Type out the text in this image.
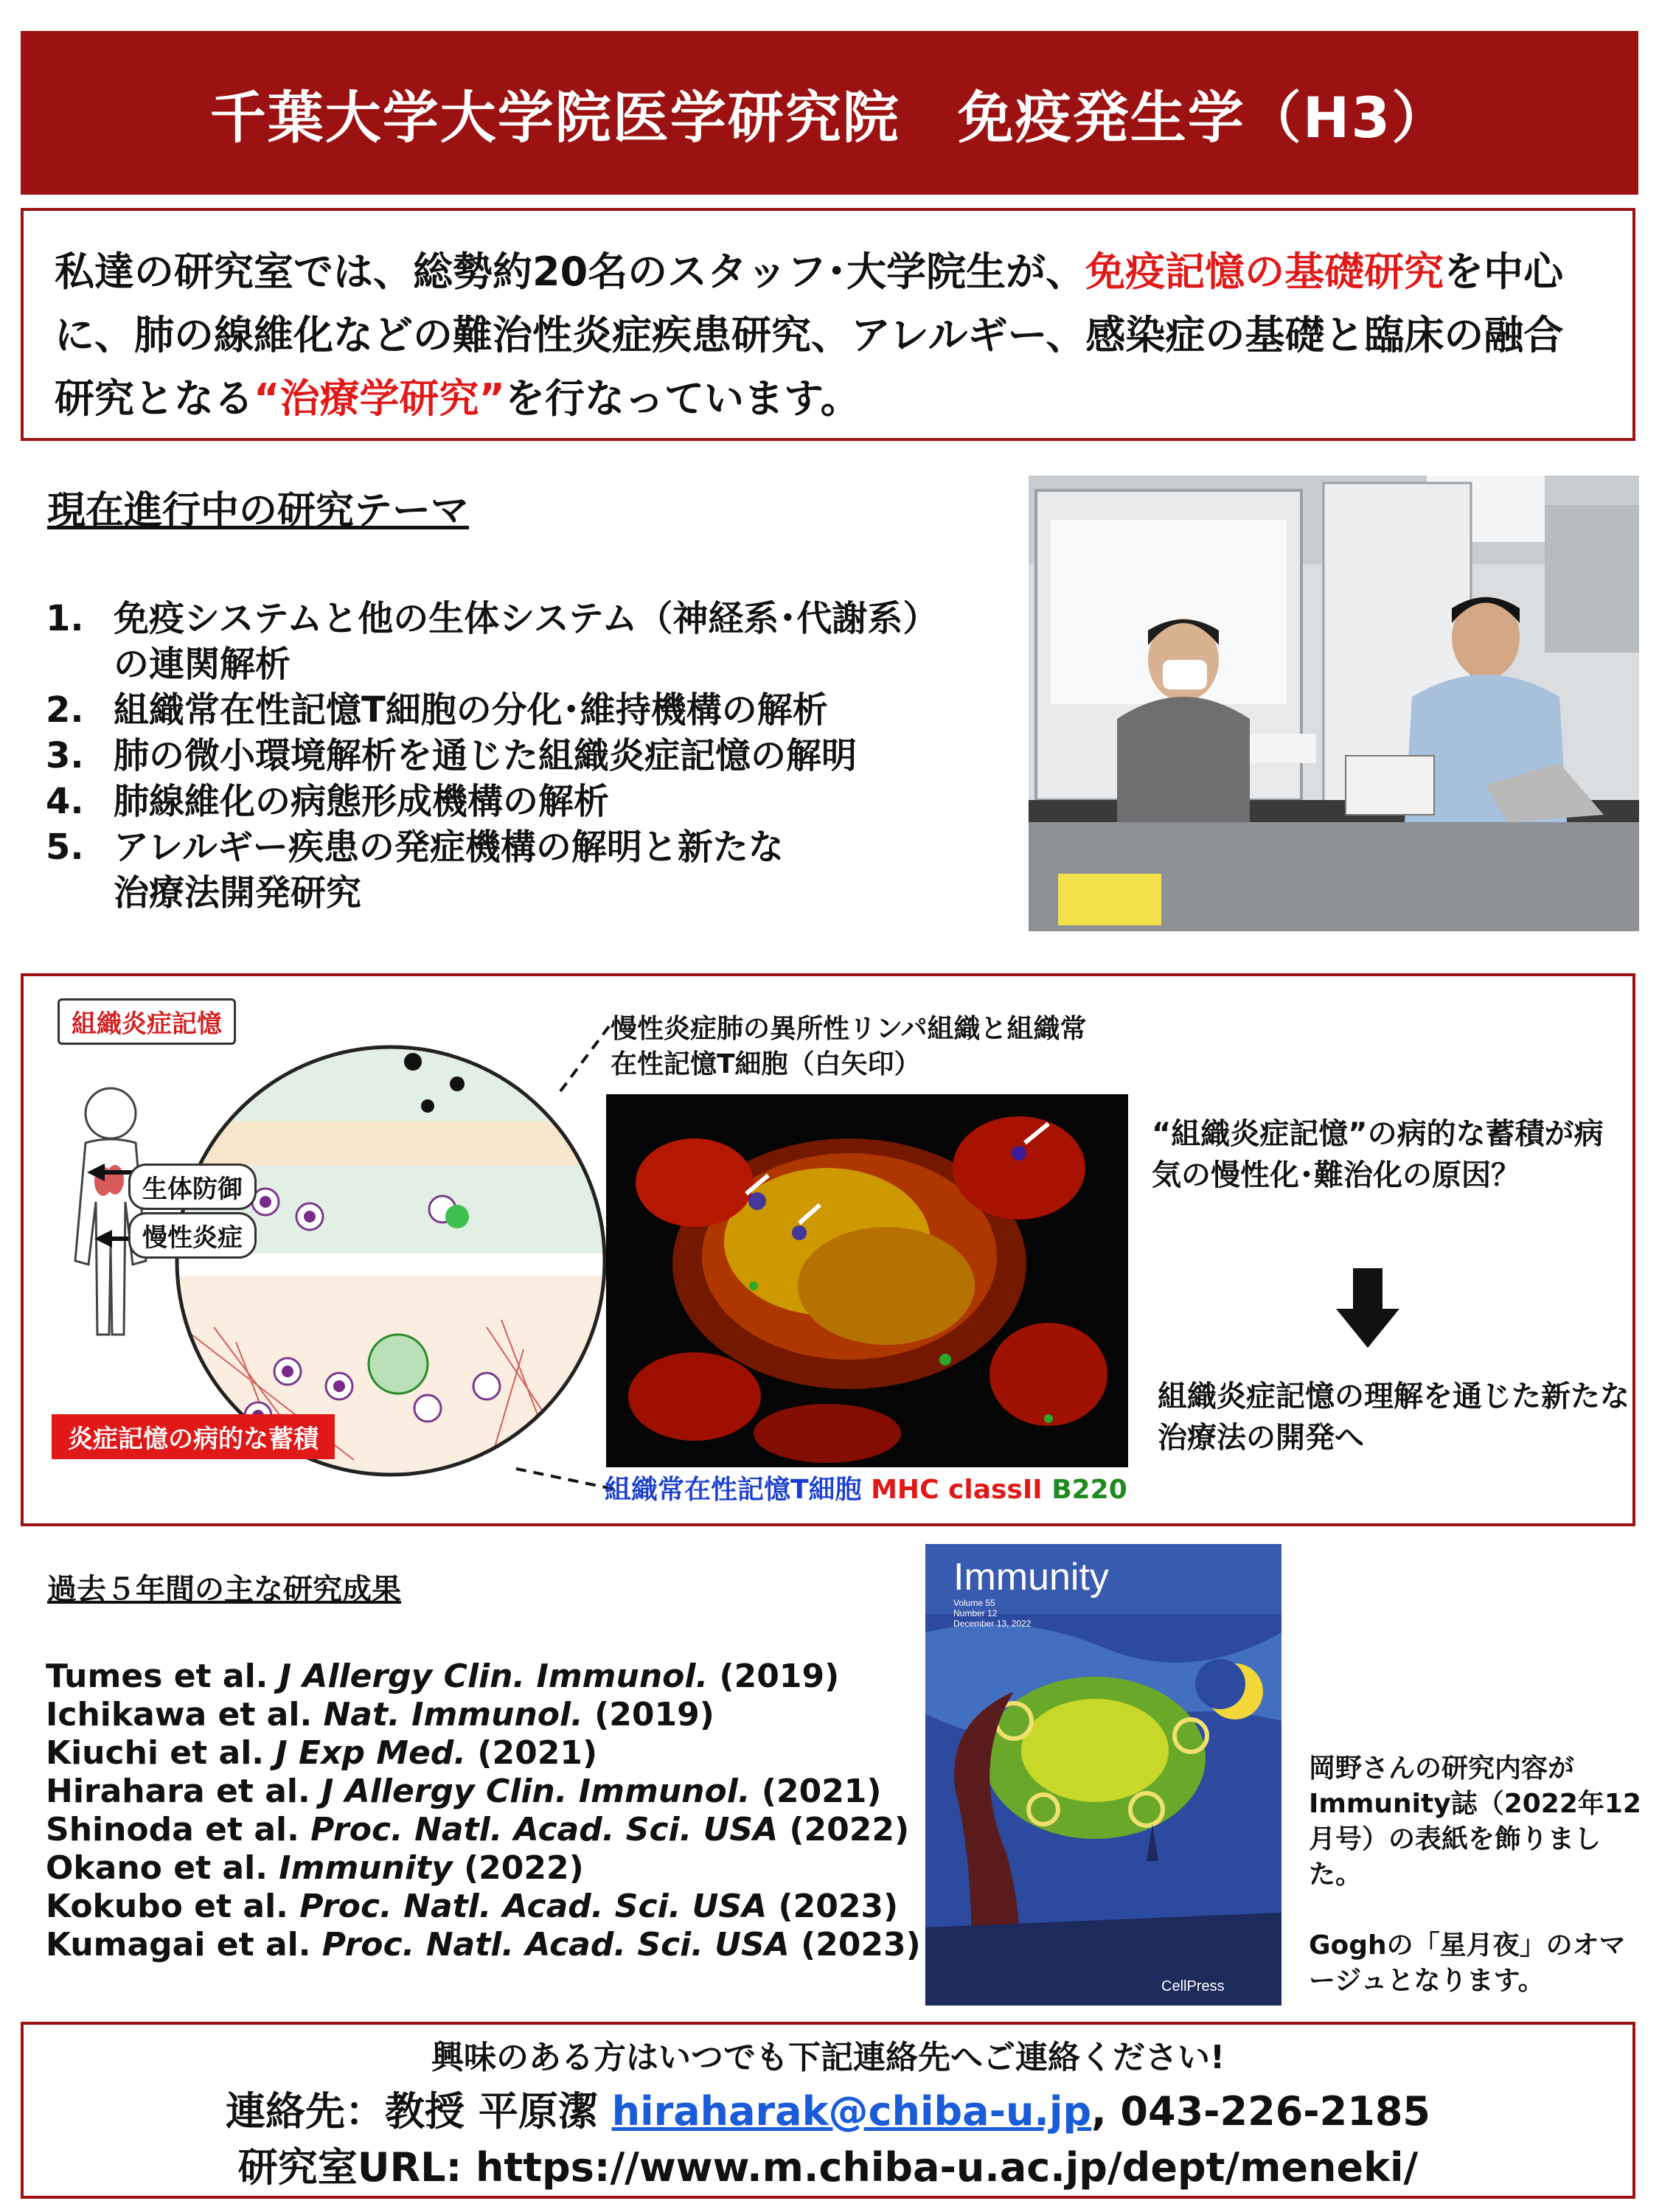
千葉大学大学院医学研究院　免疫発生学（H3）
私達の研究室では、総勢約20名のスタッフ･大学院生が、免疫記憶の基礎研究を中心に、肺の線維化などの難治性炎症疾患研究、アレルギー、感染症の基礎と臨床の融合研究となる“治療学研究”を行なっています。
現在進行中の研究テーマ
1. 免疫システムと他の生体システム（神経系･代謝系）
の連関解析
2. 組織常在性記憶T細胞の分化･維持機構の解析
3. 肺の微小環境解析を通じた組織炎症記憶の解明
4. 肺線維化の病態形成機構の解析
5. アレルギー疾患の発症機構の解明と新たな
治療法開発研究
組織炎症記憶
生体防御
慢性炎症
炎症記憶の病的な蓄積
慢性炎症肺の異所性リンパ組織と組織常在性記憶T細胞（白矢印）
組織常在性記憶T細胞 MHC classII B220
“組織炎症記憶”の病的な蓄積が病気の慢性化･難治化の原因？
組織炎症記憶の理解を通じた新たな治療法の開発へ
過去５年間の主な研究成果
Tumes et al. J Allergy Clin. Immunol. (2019)
Ichikawa et al. Nat. Immunol. (2019)
Kiuchi et al. J Exp Med. (2021)
Hirahara et al. J Allergy Clin. Immunol. (2021)
Shinoda et al. Proc. Natl. Acad. Sci. USA (2022)
Okano et al. Immunity (2022)
Kokubo et al. Proc. Natl. Acad. Sci. USA (2023)
Kumagai et al. Proc. Natl. Acad. Sci. USA (2023)
Immunity
Volume 55
Number 12
December 13, 2022
CellPress
岡野さんの研究内容がImmunity誌（2022年12月号）の表紙を飾りました。
Goghの「星月夜」のオマージュとなります。
興味のある方はいつでも下記連絡先へご連絡ください!
連絡先：教授 平原潔 hiraharak@chiba-u.jp, 043-226-2185
研究室URL: https://www.m.chiba-u.ac.jp/dept/meneki/
